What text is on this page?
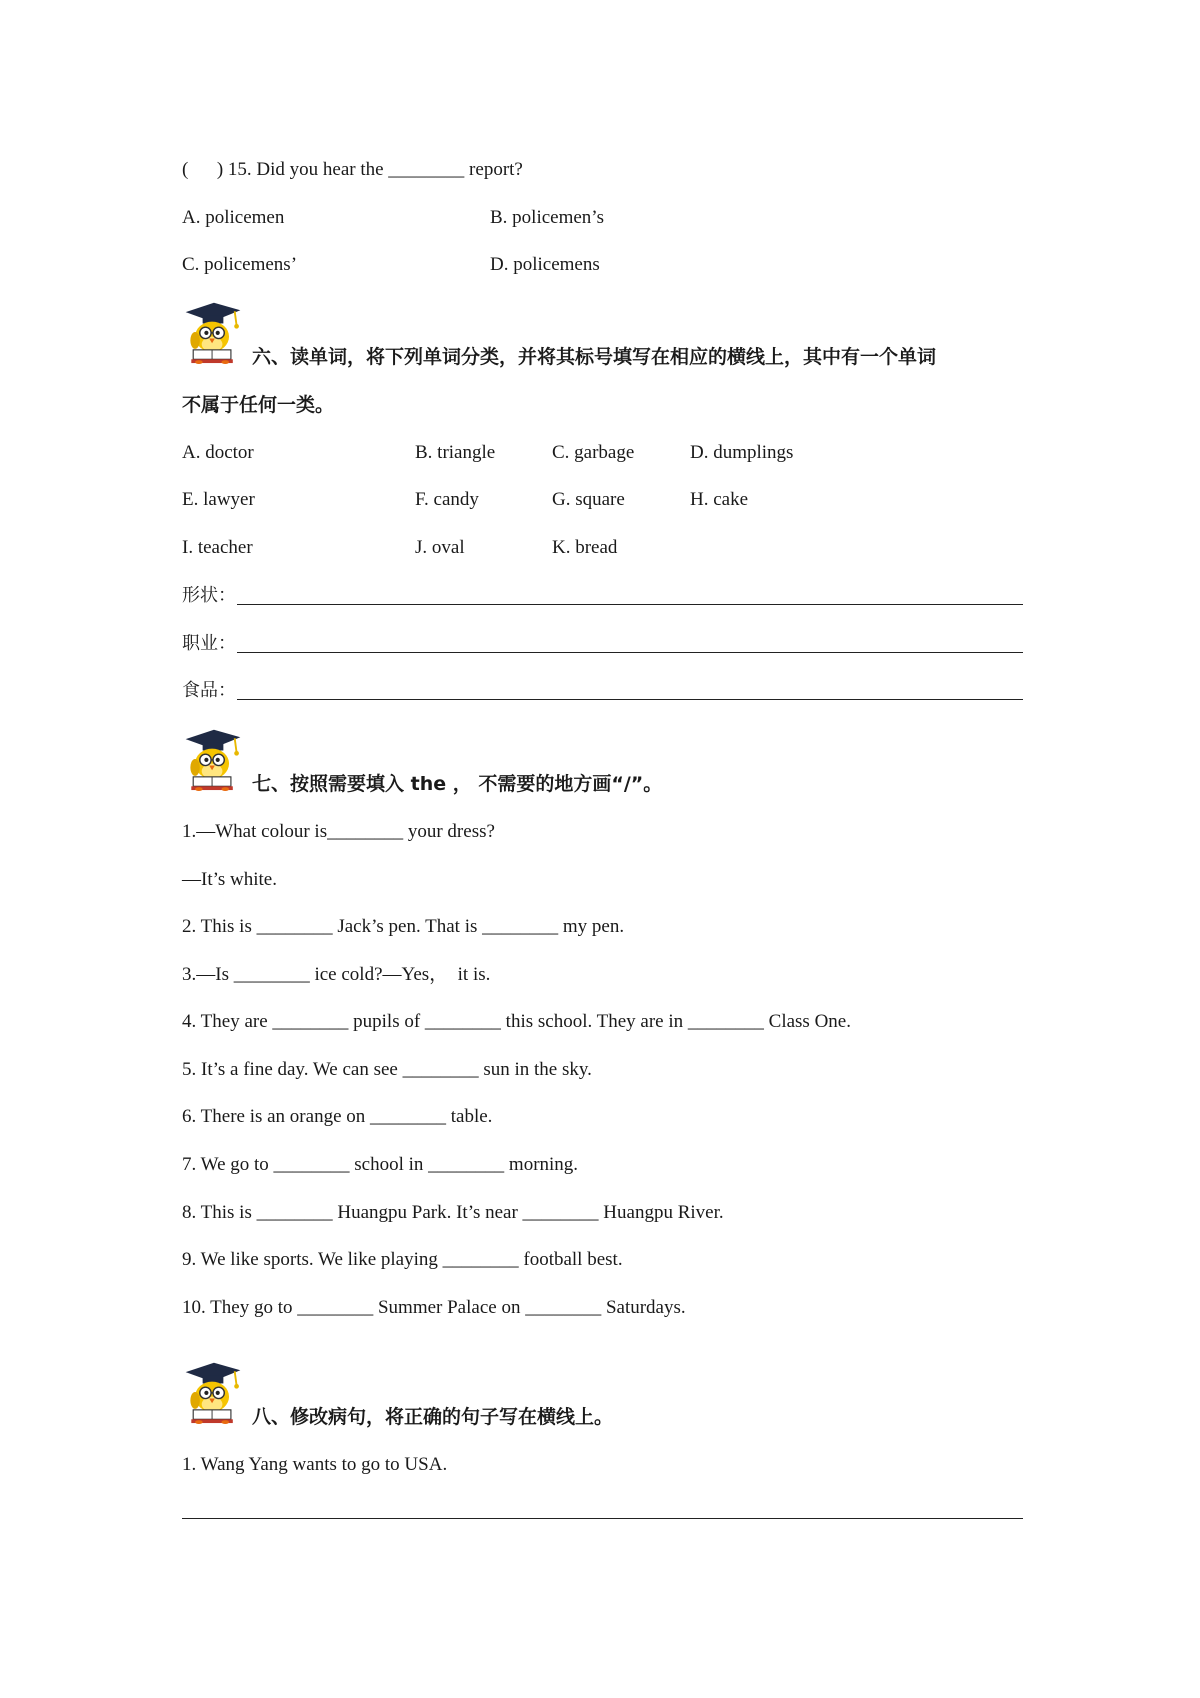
(      ) 15. Did you hear the ________ report?
A. policemen	B. policemen’s
C. policemens’	D. policemens
六、读单词，将下列单词分类，并将其标号填写在相应的横线上，其中有一个单词
不属于任何一类。
A. doctor	B. triangle	C. garbage	D. dumplings
E. lawyer	F. candy	G. square	H. cake
I. teacher	J. oval	K. bread
形状：
职业：
食品：
七、按照需要填入 the ， 不需要的地方画“/”。
1.—What colour is________ your dress?
—It’s white.
2. This is ________ Jack’s pen. That is ________ my pen.
3.—Is ________ ice cold?—Yes，  it is.
4. They are ________ pupils of ________ this school. They are in ________ Class One.
5. It’s a fine day. We can see ________ sun in the sky.
6. There is an orange on ________ table.
7. We go to ________ school in ________ morning.
8. This is ________ Huangpu Park. It’s near ________ Huangpu River.
9. We like sports. We like playing ________ football best.
10. They go to ________ Summer Palace on ________ Saturdays.
八、修改病句，将正确的句子写在横线上。
1. Wang Yang wants to go to USA.
